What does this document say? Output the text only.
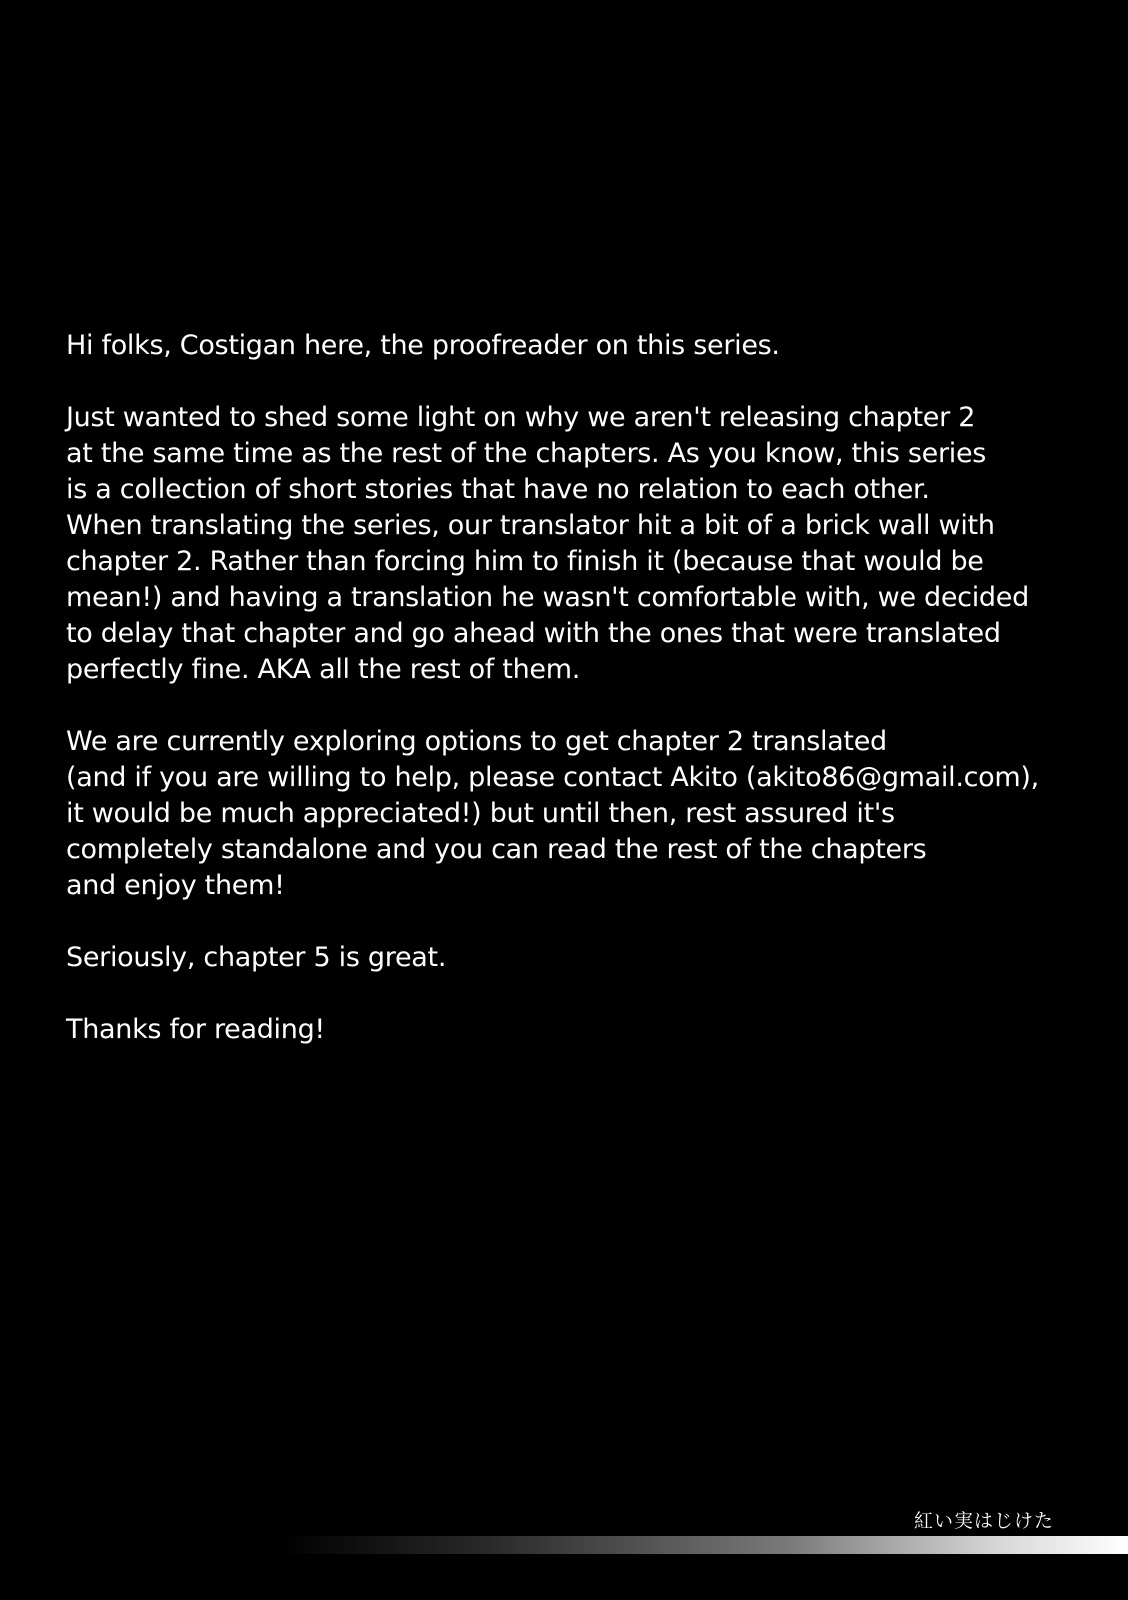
Hi folks, Costigan here, the proofreader on this series.
Just wanted to shed some light on why we aren't releasing chapter 2
at the same time as the rest of the chapters. As you know, this series
is a collection of short stories that have no relation to each other.
When translating the series, our translator hit a bit of a brick wall with
chapter 2. Rather than forcing him to finish it (because that would be
mean!) and having a translation he wasn't comfortable with, we decided
to delay that chapter and go ahead with the ones that were translated
perfectly fine. AKA all the rest of them.
We are currently exploring options to get chapter 2 translated
(and if you are willing to help, please contact Akito (akito86@gmail.com),
it would be much appreciated!) but until then, rest assured it's
completely standalone and you can read the rest of the chapters
and enjoy them!
Seriously, chapter 5 is great.
Thanks for reading!
紅い実はじけた
